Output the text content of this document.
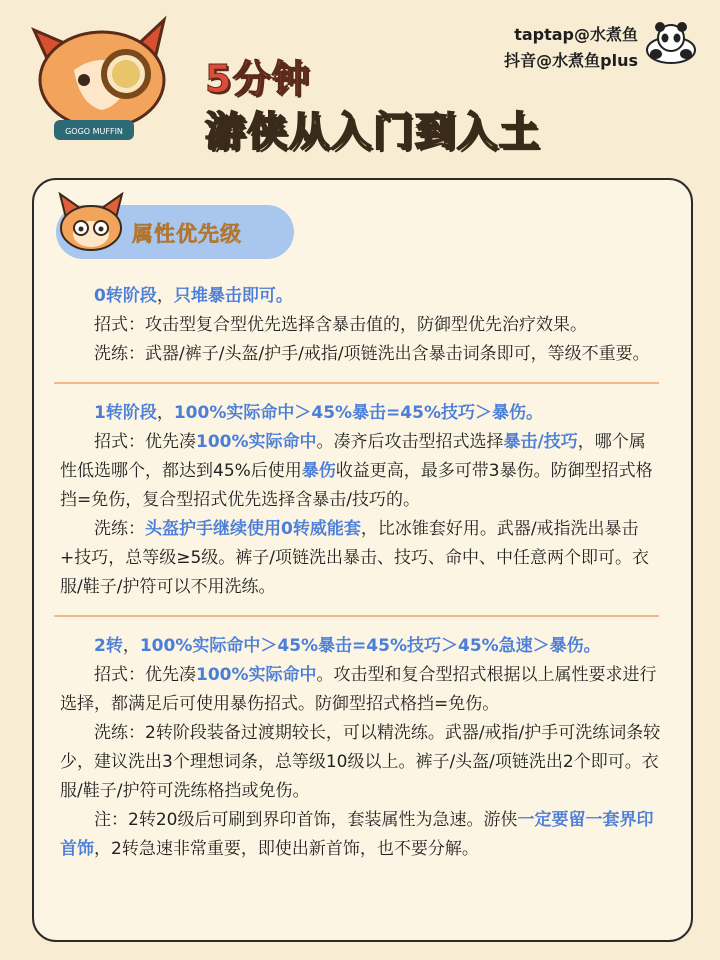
GOGO MUFFIN
5分钟
游侠从入门到入土
taptap@水煮鱼
抖音@水煮鱼plus
属性优先级

0转阶段，只堆暴击即可。

招式：攻击型复合型优先选择含暴击值的，防御型优先治疗效果。

洗练：武器/裤子/头盔/护手/戒指/项链洗出含暴击词条即可，等级不重要。

1转阶段，100%实际命中＞45%暴击=45%技巧＞暴伤。

招式：优先凑100%实际命中。凑齐后攻击型招式选择暴击/技巧，哪个属性低选哪个，都达到45%后使用暴伤收益更高，最多可带3暴伤。防御型招式格挡=免伤，复合型招式优先选择含暴击/技巧的。

洗练：头盔护手继续使用0转威能套，比冰锥套好用。武器/戒指洗出暴击+技巧，总等级≥5级。裤子/项链洗出暴击、技巧、命中、中任意两个即可。衣服/鞋子/护符可以不用洗练。

2转，100%实际命中＞45%暴击=45%技巧＞45%急速＞暴伤。

招式：优先凑100%实际命中。攻击型和复合型招式根据以上属性要求进行选择，都满足后可使用暴伤招式。防御型招式格挡=免伤。

洗练：2转阶段装备过渡期较长，可以精洗练。武器/戒指/护手可洗练词条较少，建议洗出3个理想词条，总等级10级以上。裤子/头盔/项链洗出2个即可。衣服/鞋子/护符可洗练格挡或免伤。

注：2转20级后可刷到界印首饰，套装属性为急速。游侠一定要留一套界印首饰，2转急速非常重要，即使出新首饰，也不要分解。
